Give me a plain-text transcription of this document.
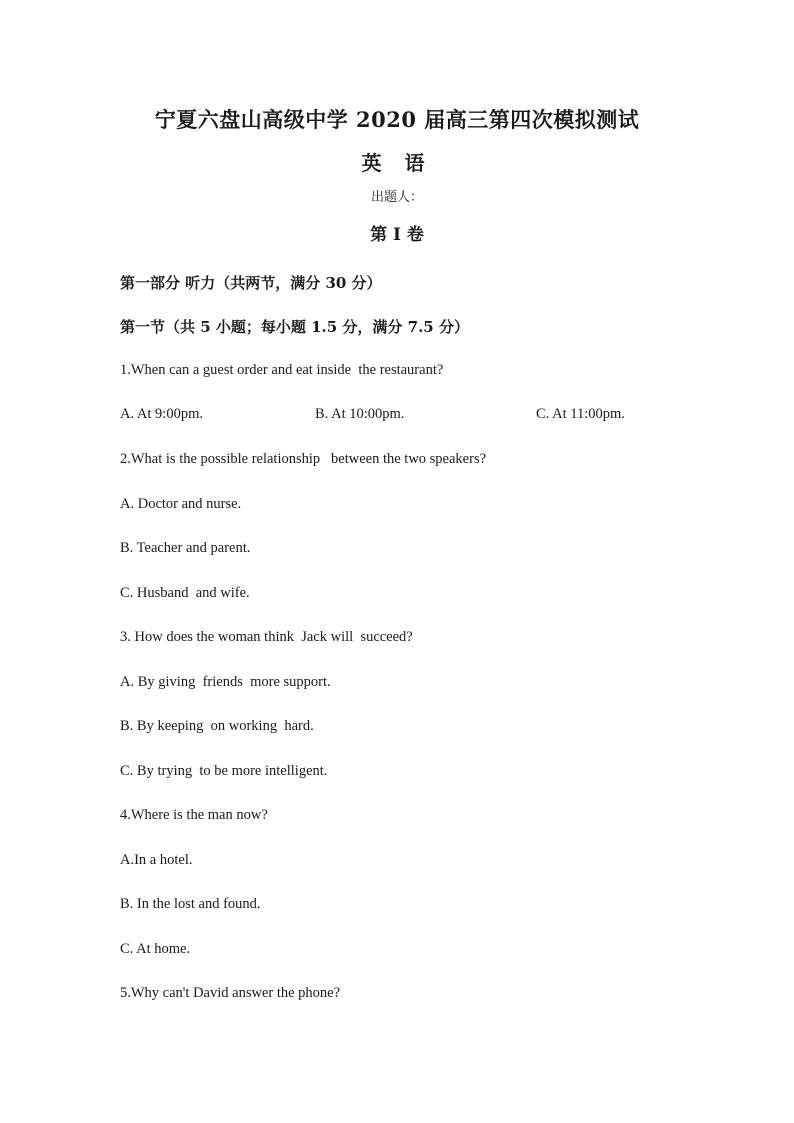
宁夏六盘山高级中学 2020 届高三第四次模拟测试
英 语
出题人：
第 I 卷
第一部分 听力（共两节，满分 30 分）
第一节（共 5 小题；每小题 1.5 分，满分 7.5 分）
1.When can a guest order and eat inside  the restaurant?
A. At 9:00pm.	B. At 10:00pm.	C. At 11:00pm.
2.What is the possible relationship   between the two speakers?
A. Doctor and nurse.
B. Teacher and parent.
C. Husband  and wife.
3. How does the woman think  Jack will  succeed?
A. By giving  friends  more support.
B. By keeping  on working  hard.
C. By trying  to be more intelligent.
4.Where is the man now?
A.In a hotel.
B. In the lost and found.
C. At home.
5.Why can't David answer the phone?
